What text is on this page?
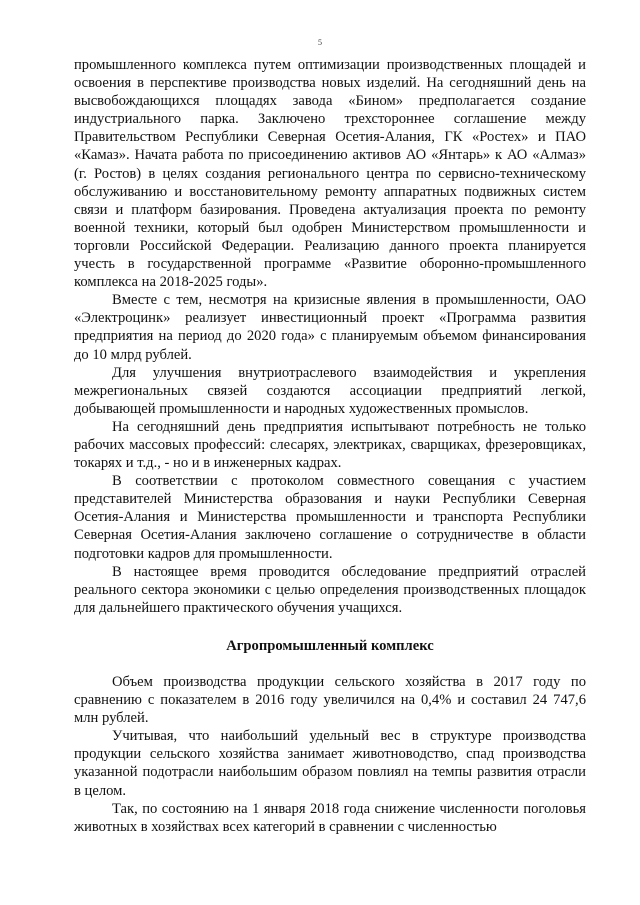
5

промышленного комплекса путем оптимизации производственных площадей и освоения в перспективе производства новых изделий. На сегодняшний день на высвобождающихся площадях завода «Бином» предполагается создание индустриального парка. Заключено трехстороннее соглашение между Правительством Республики Северная Осетия-Алания, ГК «Ростех» и ПАО «Камаз». Начата работа по присоединению активов АО «Янтарь» к АО «Алмаз» (г. Ростов) в целях создания регионального центра по сервисно-техническому обслуживанию и восстановительному ремонту аппаратных подвижных систем связи и платформ базирования. Проведена актуализация проекта по ремонту военной техники, который был одобрен Министерством промышленности и торговли Российской Федерации. Реализацию данного проекта планируется учесть в государственной программе «Развитие оборонно-промышленного комплекса на 2018-2025 годы».

Вместе с тем, несмотря на кризисные явления в промышленности, ОАО «Электроцинк» реализует инвестиционный проект «Программа развития предприятия на период до 2020 года» с планируемым объемом финансирования до 10 млрд рублей.

Для улучшения внутриотраслевого взаимодействия и укрепления межрегиональных связей создаются ассоциации предприятий легкой, добывающей промышленности и народных художественных промыслов.

На сегодняшний день предприятия испытывают потребность не только рабочих массовых профессий: слесарях, электриках, сварщиках, фрезеровщиках, токарях и т.д., - но и в инженерных кадрах.

В соответствии с протоколом совместного совещания с участием представителей Министерства образования и науки Республики Северная Осетия-Алания и Министерства промышленности и транспорта Республики Северная Осетия-Алания заключено соглашение о сотрудничестве в области подготовки кадров для промышленности.

В настоящее время проводится обследование предприятий отраслей реального сектора экономики с целью определения производственных площадок для дальнейшего практического обучения учащихся.

Агропромышленный комплекс

Объем производства продукции сельского хозяйства в 2017 году по сравнению с показателем в 2016 году увеличился на 0,4% и составил 24 747,6 млн рублей.

Учитывая, что наибольший удельный вес в структуре производства продукции сельского хозяйства занимает животноводство, спад производства указанной подотрасли наибольшим образом повлиял на темпы развития отрасли в целом.

Так, по состоянию на 1 января 2018 года снижение численности поголовья животных в хозяйствах всех категорий в сравнении с численностью
